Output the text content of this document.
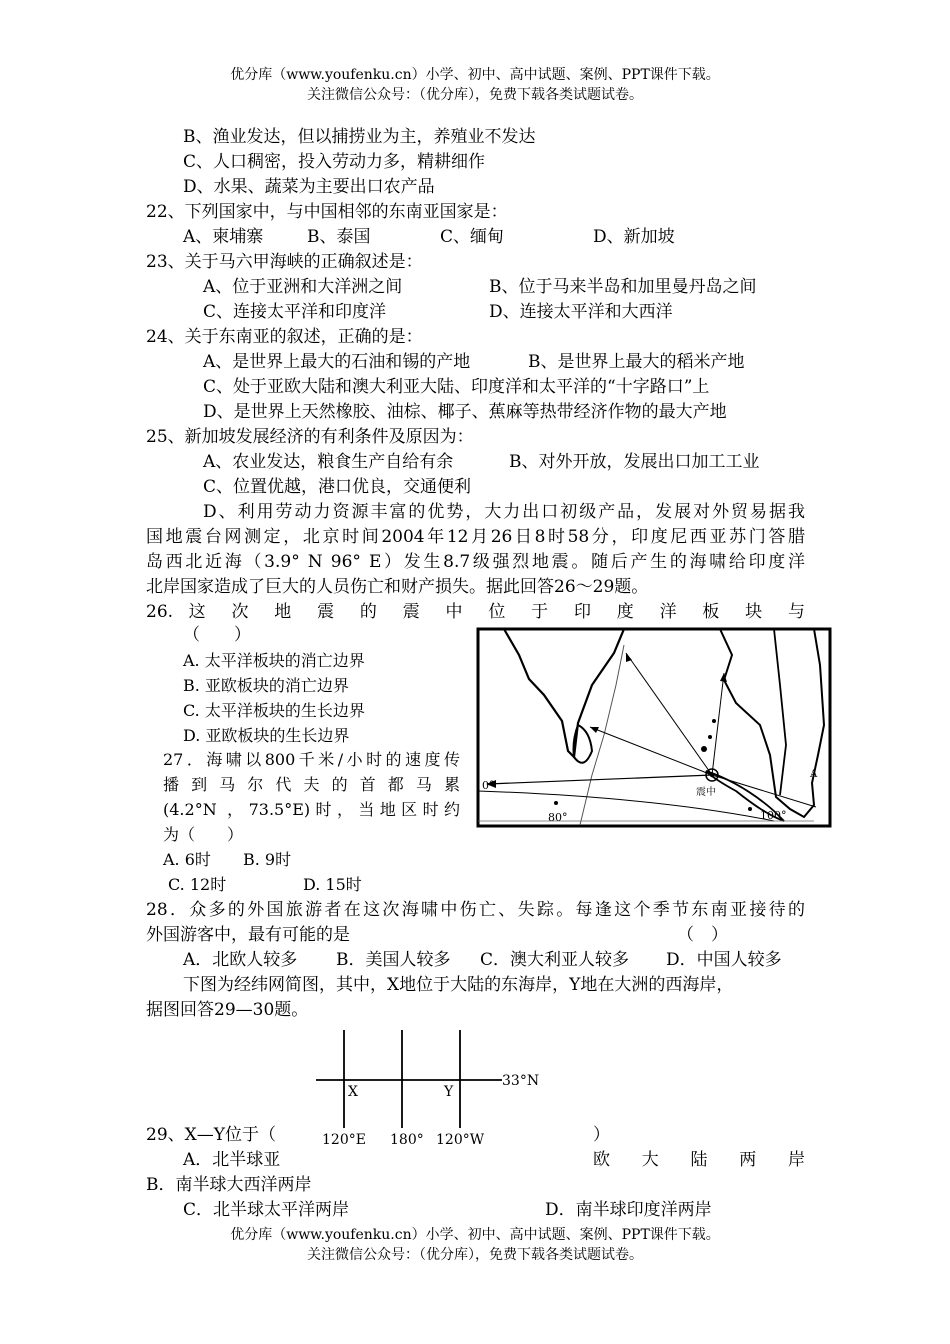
优分库（www.youfenku.cn）小学、初中、高中试题、案例、PPT课件下载。
关注微信公众号：（优分库），免费下载各类试题试卷。
B、渔业发达，但以捕捞业为主，养殖业不发达
C、人口稠密，投入劳动力多，精耕细作
D、水果、蔬菜为主要出口农产品
22、下列国家中，与中国相邻的东南亚国家是：
A、柬埔寨	B、泰国	C、缅甸	D、新加坡
23、关于马六甲海峡的正确叙述是：
A、位于亚洲和大洋洲之间	B、位于马来半岛和加里曼丹岛之间
C、连接太平洋和印度洋	D、连接太平洋和大西洋
24、关于东南亚的叙述，正确的是：
A、是世界上最大的石油和锡的产地	B、是世界上最大的稻米产地
C、处于亚欧大陆和澳大利亚大陆、印度洋和太平洋的“十字路口”上
D、是世界上天然橡胶、油棕、椰子、蕉麻等热带经济作物的最大产地
25、新加坡发展经济的有利条件及原因为：
A、农业发达，粮食生产自给有余	B、对外开放，发展出口加工工业
C、位置优越，港口优良，交通便利
D、利用劳动力资源丰富的优势，大力出口初级产品，发展对外贸易据我
国地震台网测定，北京时间2004年12月26日8时58分，印度尼西亚苏门答腊
岛西北近海（3.9° N 96° E）发生8.7级强烈地震。随后产生的海啸给印度洋
北岸国家造成了巨大的人员伤亡和财产损失。据此回答26～29题。
26. 这 次 地 震 的 震 中 位 于 印 度 洋 板 块 与
（　　）
A. 太平洋板块的消亡边界
B. 亚欧板块的消亡边界
C. 太平洋板块的生长边界
D. 亚欧板块的生长边界
27．海啸以800千米/小时的速度传
播 到 马 尔 代 夫 的 首 都 马 累
(4.2°N ，73.5°E)时，当地区时约
为（　　）
A. 6时 B. 9时
C. 12时	D. 15时
0°
80°	100°
震中
A
28．众多的外国旅游者在这次海啸中伤亡、失踪。每逢这个季节东南亚接待的
外国游客中，最有可能的是	（　）
A．北欧人较多 B．美国人较多 C．澳大利亚人较多 D．中国人较多
下图为经纬网简图，其中，X地位于大陆的东海岸，Y地在大洲的西海岸，
据图回答29—30题。
33°N
X	Y
120°E 180° 120°W
29、X—Y位于（	）
A．北半球亚	欧 大 陆 两 岸
B．南半球大西洋两岸
C．北半球太平洋两岸	D．南半球印度洋两岸
优分库（www.youfenku.cn）小学、初中、高中试题、案例、PPT课件下载。
关注微信公众号：（优分库），免费下载各类试题试卷。
